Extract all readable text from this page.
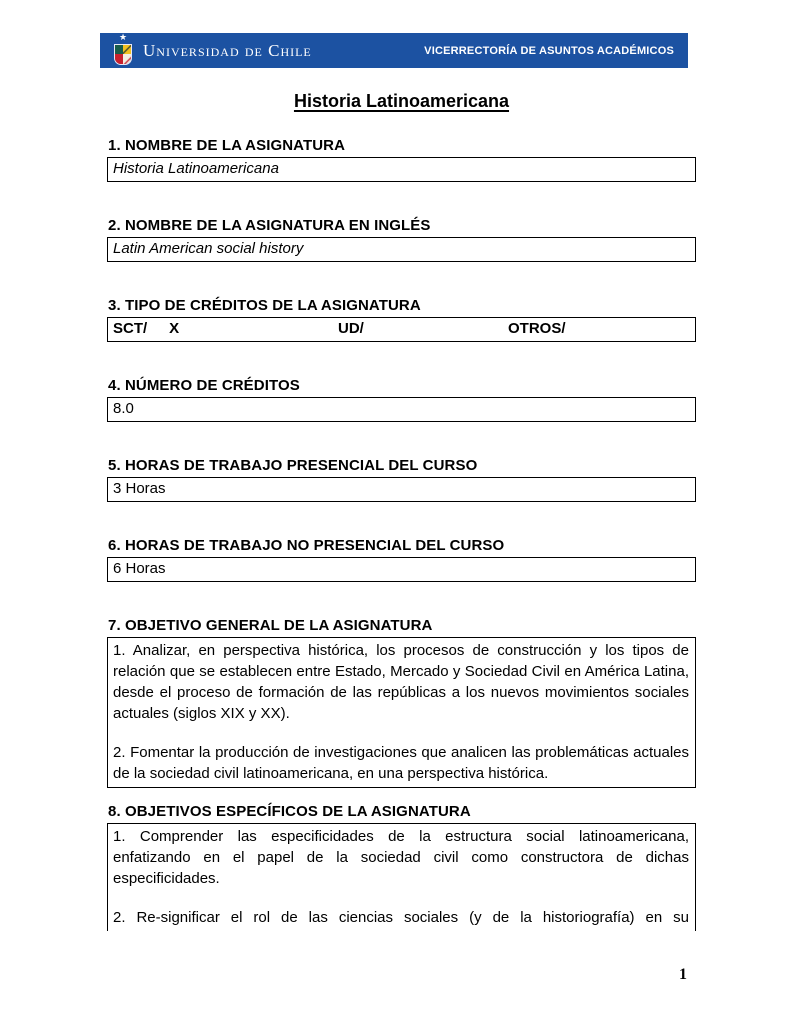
★
Universidad de Chile	VICERRECTORÍA DE ASUNTOS ACADÉMICOS
Historia Latinoamericana
1. NOMBRE DE LA ASIGNATURA
Historia Latinoamericana
2. NOMBRE DE LA ASIGNATURA EN INGLÉS
Latin American social history
3. TIPO DE CRÉDITOS DE LA ASIGNATURA
SCT/ X	UD/	OTROS/
4. NÚMERO DE CRÉDITOS
8.0
5. HORAS DE TRABAJO PRESENCIAL DEL CURSO
3 Horas
6. HORAS DE TRABAJO NO PRESENCIAL DEL CURSO
6 Horas
7. OBJETIVO GENERAL DE LA ASIGNATURA

1. Analizar, en perspectiva histórica, los procesos de construcción y los tipos de relación que se establecen entre Estado, Mercado y Sociedad Civil en América Latina, desde el proceso de formación de las repúblicas a los nuevos movimientos sociales actuales (siglos XIX y XX).

2. Fomentar la producción de investigaciones que analicen las problemáticas actuales de la sociedad civil latinoamericana, en una perspectiva histórica.

8. OBJETIVOS ESPECÍFICOS DE LA ASIGNATURA

1. Comprender las especificidades de la estructura social latinoamericana, enfatizando en el papel de la sociedad civil como constructora de dichas especificidades.

2. Re-significar el rol de las ciencias sociales (y de la historiografía) en su

1
